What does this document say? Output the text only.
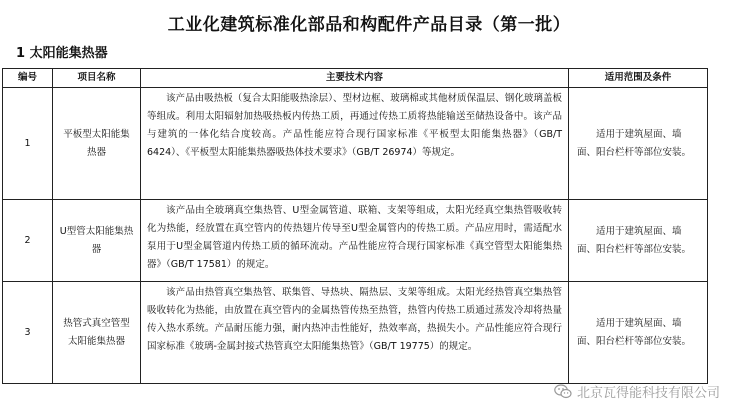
工业化建筑标准化部品和构配件产品目录（第一批）
1 太阳能集热器
编号	项目名称	主要技术内容	适用范围及条件
1	平板型太阳能集热器	该产品由吸热板（复合太阳能吸热涂层）、型材边框、玻璃棉或其他材质保温层、钢化玻璃盖板等组成。利用太阳辐射加热吸热板内传热工质，再通过传热工质将热能输送至储热设备中。该产品与建筑的一体化结合度较高。产品性能应符合现行国家标准《平板型太阳能集热器》（GB/T 6424）、《平板型太阳能集热器吸热体技术要求》（GB/T 26974）等规定。	适用于建筑屋面、墙面、阳台栏杆等部位安装。
2	U型管太阳能集热器	该产品由全玻璃真空集热管、U型金属管道、联箱、支架等组成，太阳光经真空集热管吸收转化为热能，经放置在真空管内的传热翅片传导至U型金属管内的传热工质。产品应用时，需适配水泵用于U型金属管道内传热工质的循环流动。产品性能应符合现行国家标准《真空管型太阳能集热器》（GB/T 17581）的规定。	适用于建筑屋面、墙面、阳台栏杆等部位安装。
3	热管式真空管型太阳能集热器	该产品由热管真空集热管、联集管、导热块、隔热层、支架等组成。太阳光经热管真空集热管吸收转化为热能，由放置在真空管内的金属热管传热至热管，热管内传热工质通过蒸发冷却将热量传入热水系统。产品耐压能力强，耐内热冲击性能好，热效率高，热损失小。产品性能应符合现行国家标准《玻璃-金属封接式热管真空太阳能集热管》（GB/T 19775）的规定。	适用于建筑屋面、墙面、阳台栏杆等部位安装。
北京瓦得能科技有限公司
